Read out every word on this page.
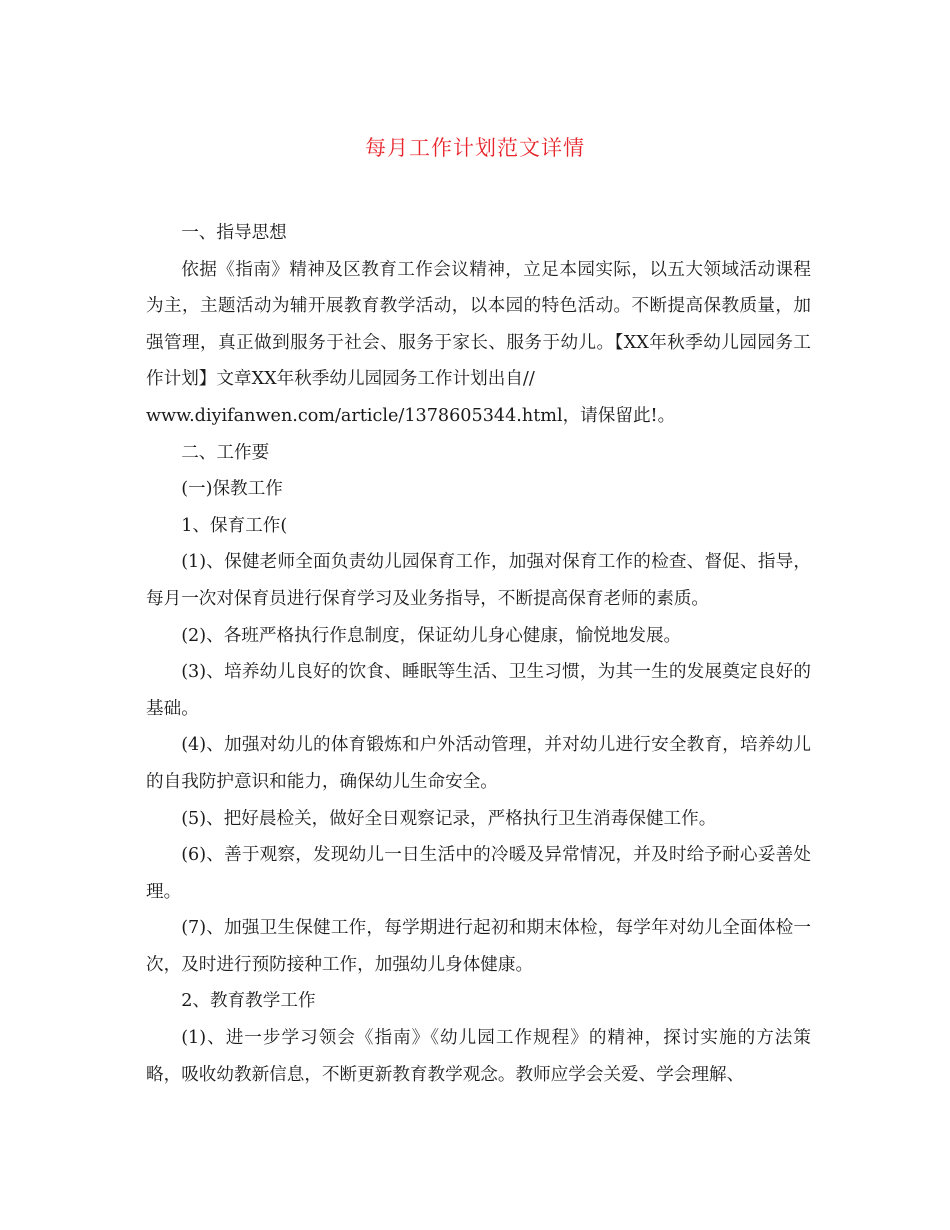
每月工作计划范文详情

一、指导思想

依据《指南》精神及区教育工作会议精神，立足本园实际，以五大领域活动课程为主，主题活动为辅开展教育教学活动，以本园的特色活动。不断提高保教质量，加强管理，真正做到服务于社会、服务于家长、服务于幼儿。【XX年秋季幼儿园园务工作计划】文章XX年秋季幼儿园园务工作计划出自//

www.diyifanwen.com/article/1378605344.html，请保留此!。

二、工作要

(一)保教工作

1、保育工作(

(1)、保健老师全面负责幼儿园保育工作，加强对保育工作的检查、督促、指导，每月一次对保育员进行保育学习及业务指导，不断提高保育老师的素质。

(2)、各班严格执行作息制度，保证幼儿身心健康，愉悦地发展。

(3)、培养幼儿良好的饮食、睡眠等生活、卫生习惯，为其一生的发展奠定良好的基础。

(4)、加强对幼儿的体育锻炼和户外活动管理，并对幼儿进行安全教育，培养幼儿的自我防护意识和能力，确保幼儿生命安全。

(5)、把好晨检关，做好全日观察记录，严格执行卫生消毒保健工作。

(6)、善于观察，发现幼儿一日生活中的冷暖及异常情况，并及时给予耐心妥善处理。

(7)、加强卫生保健工作，每学期进行起初和期末体检，每学年对幼儿全面体检一次，及时进行预防接种工作，加强幼儿身体健康。

2、教育教学工作

(1)、进一步学习领会《指南》《幼儿园工作规程》的精神，探讨实施的方法策略，吸收幼教新信息，不断更新教育教学观念。教师应学会关爱、学会理解、
